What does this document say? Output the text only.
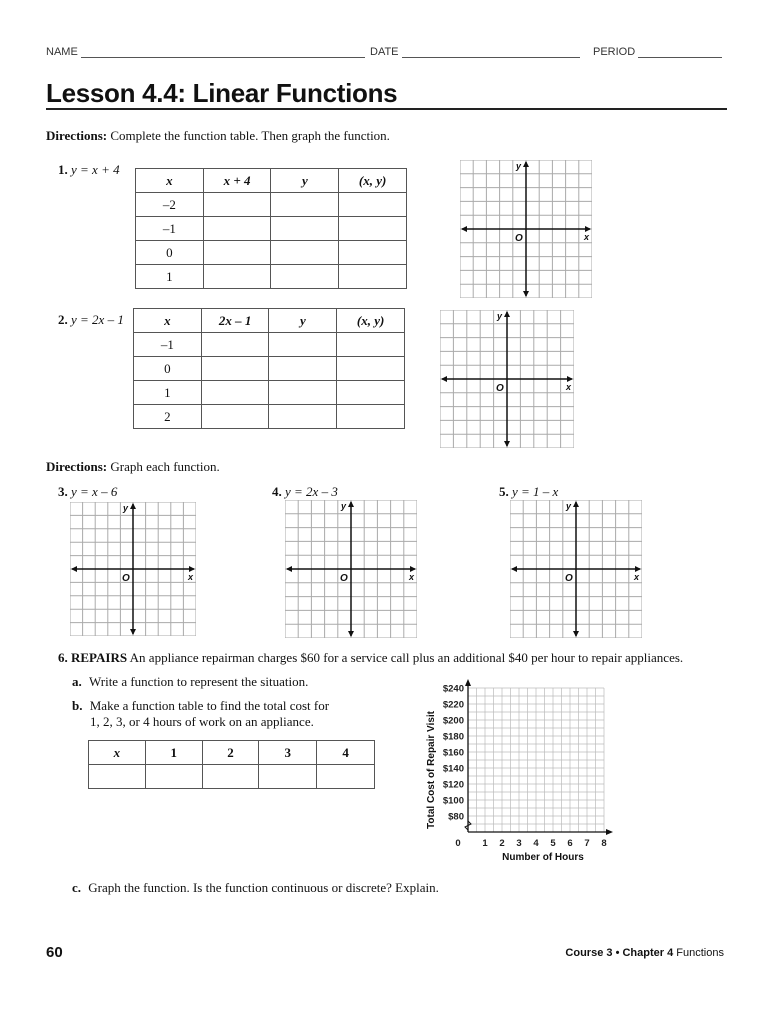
NAME	DATE	PERIOD
Lesson 4.4: Linear Functions
Directions: Complete the function table. Then graph the function.
1. y = x + 4
x	x + 4	y	(x, y)
–2			
–1			
0			
1			
x
y
O
2. y = 2x – 1	x	2x – 1	y	(x, y)
–1			
0			
1			
2			
x
y
O
Directions: Graph each function.
3. y = x – 6	4. y = 2x – 3	5. y = 1 – x
x
y
O	x
y
O	x
y
O
6. REPAIRS An appliance repairman charges $60 for a service call plus an additional $40 per hour to repair appliances.
a. Write a function to represent the situation.
b. Make a function table to find the total cost for
1, 2, 3, or 4 hours of work on an appliance.
x	1	2	3	4

$80
$100
$120
$140
$160
$180
$200
$220
$240
0 1 2 3 4 5 6 7 8
Number of Hours
Total Cost of Repair Visit
c. Graph the function. Is the function continuous or discrete? Explain.
60	Course 3 • Chapter 4 Functions
